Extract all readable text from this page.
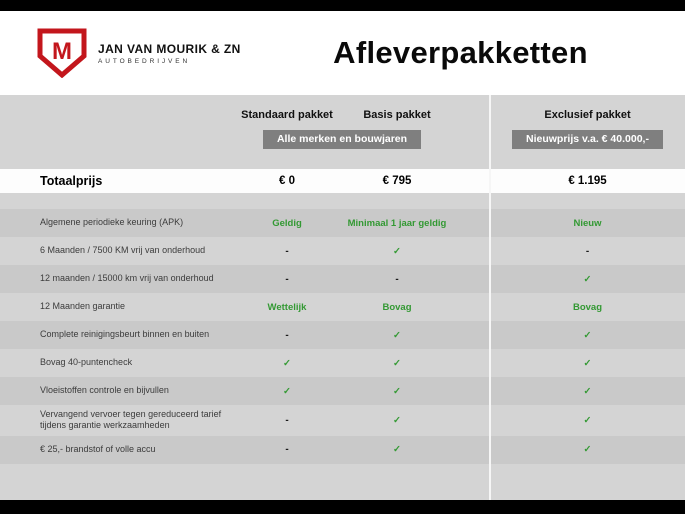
M JAN VAN MOURIK & ZN
AUTOBEDRIJVEN	Afleverpakketten
Standaard pakket	Basis pakket	Exclusief pakket
Alle merken en bouwjaren	Nieuwprijs v.a. € 40.000,-
Totaalprijs	€ 0	€ 795	€ 1.195
Algemene periodieke keuring (APK)	Geldig	Minimaal 1 jaar geldig	Nieuw
6 Maanden / 7500 KM vrij van onderhoud	-	✓	-
12 maanden / 15000 km vrij van onderhoud	-	-	✓
12 Maanden garantie	Wettelijk	Bovag	Bovag
Complete reinigingsbeurt binnen en buiten	-	✓	✓
Bovag 40-puntencheck	✓	✓	✓
Vloeistoffen controle en bijvullen	✓	✓	✓
Vervangend vervoer tegen gereduceerd tarief tijdens garantie werkzaamheden	-	✓	✓
€ 25,- brandstof of volle accu	-	✓	✓
